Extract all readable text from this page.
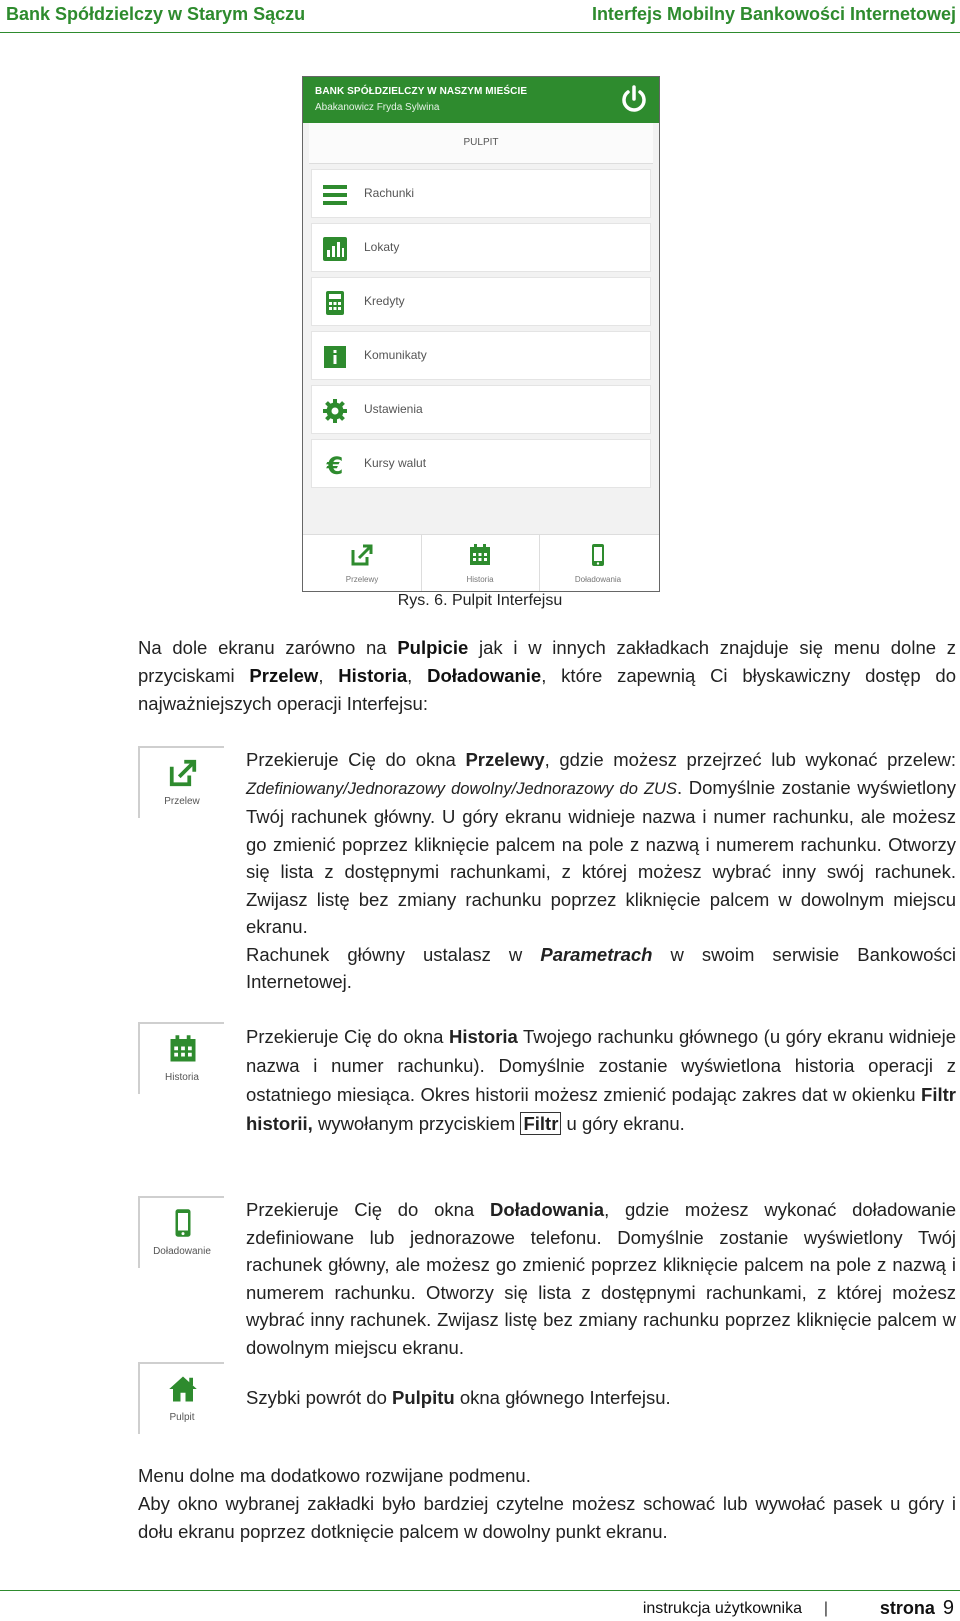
Bank Spółdzielczy w Starym Sączu	Interfejs Mobilny Bankowości Internetowej
BANK SPÓŁDZIELCZY W NASZYM MIEŚCIE
Abakanowicz Fryda Sylwina
PULPIT
Rachunki
Lokaty
Kredyty
Komunikaty
Ustawienia
€ Kursy walut
Przelewy	Historia	Doładowania
Rys. 6. Pulpit Interfejsu
Na dole ekranu zarówno na Pulpicie jak i w innych zakładkach znajduje się menu dolne z przyciskami Przelew, Historia, Doładowanie, które zapewnią Ci błyskawiczny dostęp do najważniejszych operacji Interfejsu:
Przelew
Przekieruje Cię do okna Przelewy, gdzie możesz przejrzeć lub wykonać przelew: Zdefiniowany/Jednorazowy dowolny/Jednorazowy do ZUS. Domyślnie zostanie wyświetlony Twój rachunek główny. U góry ekranu widnieje nazwa i numer rachunku, ale możesz go zmienić poprzez kliknięcie palcem na pole z nazwą i numerem rachunku. Otworzy się lista z dostępnymi rachunkami, z której możesz wybrać inny swój rachunek. Zwijasz listę bez zmiany rachunku poprzez kliknięcie palcem w dowolnym miejscu ekranu.
Rachunek główny ustalasz w Parametrach w swoim serwisie Bankowości Internetowej.
Historia
Przekieruje Cię do okna Historia Twojego rachunku głównego (u góry ekranu widnieje nazwa i numer rachunku). Domyślnie zostanie wyświetlona historia operacji z ostatniego miesiąca. Okres historii możesz zmienić podając zakres dat w okienku Filtr historii, wywołanym przyciskiem Filtr u góry ekranu.
Doładowanie
Przekieruje Cię do okna Doładowania, gdzie możesz wykonać doładowanie zdefiniowane lub jednorazowe telefonu. Domyślnie zostanie wyświetlony Twój rachunek główny, ale możesz go zmienić poprzez kliknięcie palcem na pole z nazwą i numerem rachunku. Otworzy się lista z dostępnymi rachunkami, z której możesz wybrać inny rachunek. Zwijasz listę bez zmiany rachunku poprzez kliknięcie palcem w dowolnym miejscu ekranu.
Pulpit
Szybki powrót do Pulpitu okna głównego Interfejsu.
Menu dolne ma dodatkowo rozwijane podmenu.
Aby okno wybranej zakładki było bardziej czytelne możesz schować lub wywołać pasek u góry i dołu ekranu poprzez dotknięcie palcem w dowolny punkt ekranu.
instrukcja użytkownika |	strona 9
